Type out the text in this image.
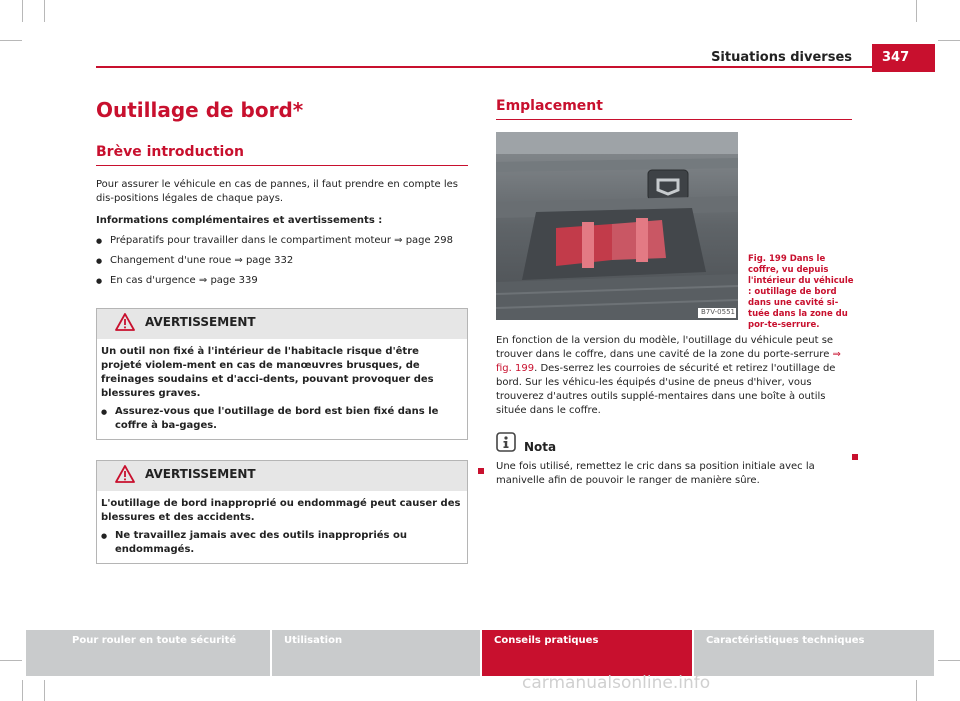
Situations diverses	347
Outillage de bord*
Brève introduction

Pour assurer le véhicule en cas de pannes, il faut prendre en compte les dis-positions légales de chaque pays.

Informations complémentaires et avertissements :

● Préparatifs pour travailler dans le compartiment moteur ⇒ page 298
● Changement d'une roue ⇒ page 332
● En cas d'urgence ⇒ page 339
AVERTISSEMENT

Un outil non fixé à l'intérieur de l'habitacle risque d'être projeté violem-ment en cas de manœuvres brusques, de freinages soudains et d'acci-dents, pouvant provoquer des blessures graves.

● Assurez-vous que l'outillage de bord est bien fixé dans le coffre à ba-gages.
AVERTISSEMENT

L'outillage de bord inapproprié ou endommagé peut causer des blessures et des accidents.

● Ne travaillez jamais avec des outils inappropriés ou endommagés.
Emplacement
B7V-0551
Fig. 199 Dans le coffre, vu depuis l'intérieur du véhicule : outillage de bord dans une cavité si-tuée dans la zone du por-te-serrure.

En fonction de la version du modèle, l'outillage du véhicule peut se trouver dans le coffre, dans une cavité de la zone du porte-serrure ⇒ fig. 199. Des-serrez les courroies de sécurité et retirez l'outillage de bord. Sur les véhicu-les équipés d'usine de pneus d'hiver, vous trouverez d'autres outils supplé-mentaires dans une boîte à outils située dans le coffre.

Nota

Une fois utilisé, remettez le cric dans sa position initiale avec la manivelle afin de pouvoir le ranger de manière sûre.

Pour rouler en toute sécurité	Utilisation	Conseils pratiques	Caractéristiques techniques
carmanualsonline.info
